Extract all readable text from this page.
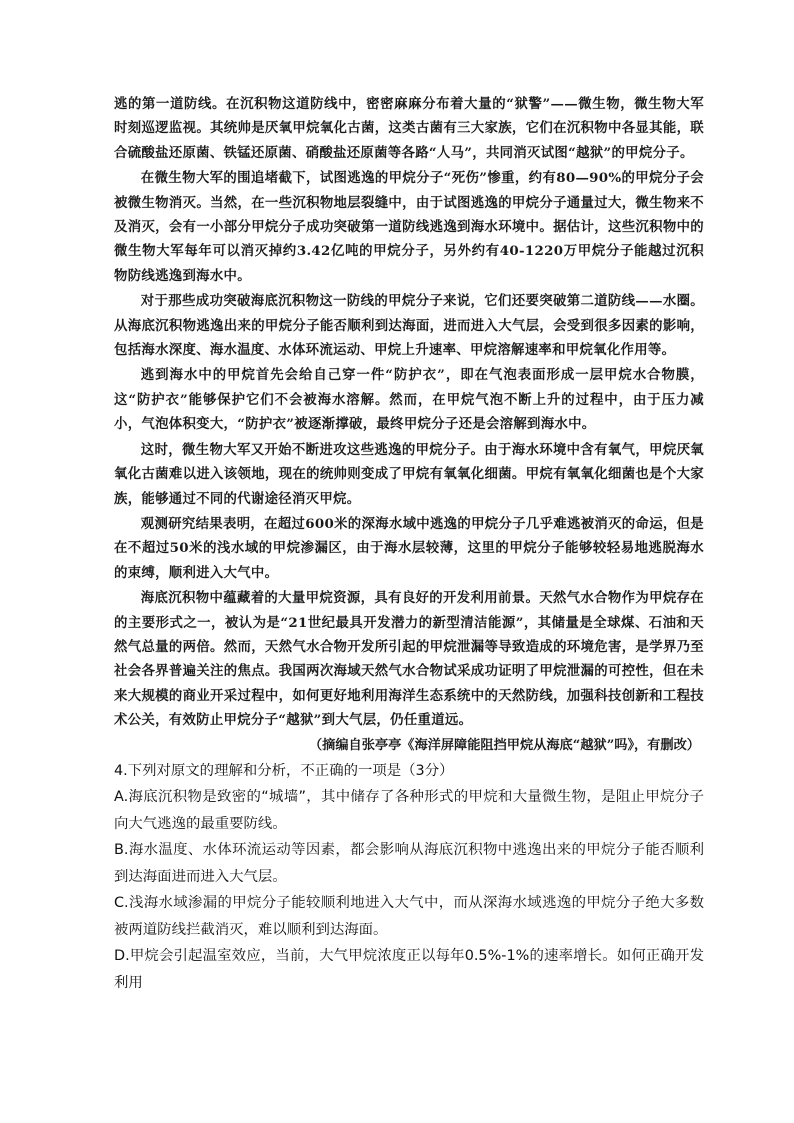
逃的第一道防线。在沉积物这道防线中，密密麻麻分布着大量的“狱警”——微生物，微生物大军时刻巡逻监视。其统帅是厌氧甲烷氧化古菌，这类古菌有三大家族，它们在沉积物中各显其能，联合硫酸盐还原菌、铁锰还原菌、硝酸盐还原菌等各路“人马”，共同消灭试图“越狱”的甲烷分子。

在微生物大军的围追堵截下，试图逃逸的甲烷分子“死伤”惨重，约有80—90%的甲烷分子会被微生物消灭。当然，在一些沉积物地层裂缝中，由于试图逃逸的甲烷分子通量过大，微生物来不及消灭，会有一小部分甲烷分子成功突破第一道防线逃逸到海水环境中。据估计，这些沉积物中的微生物大军每年可以消灭掉约3.42亿吨的甲烷分子，另外约有40-1220万甲烷分子能越过沉积物防线逃逸到海水中。

对于那些成功突破海底沉积物这一防线的甲烷分子来说，它们还要突破第二道防线——水圈。从海底沉积物逃逸出来的甲烷分子能否顺利到达海面，进而进入大气层，会受到很多因素的影响，包括海水深度、海水温度、水体环流运动、甲烷上升速率、甲烷溶解速率和甲烷氧化作用等。

逃到海水中的甲烷首先会给自己穿一件“防护衣”，即在气泡表面形成一层甲烷水合物膜，这“防护衣”能够保护它们不会被海水溶解。然而，在甲烷气泡不断上升的过程中，由于压力减小，气泡体积变大，“防护衣”被逐渐撑破，最终甲烷分子还是会溶解到海水中。

这时，微生物大军又开始不断进攻这些逃逸的甲烷分子。由于海水环境中含有氧气，甲烷厌氧氧化古菌难以进入该领地，现在的统帅则变成了甲烷有氧氧化细菌。甲烷有氧氧化细菌也是个大家族，能够通过不同的代谢途径消灭甲烷。

观测研究结果表明，在超过600米的深海水域中逃逸的甲烷分子几乎难逃被消灭的命运，但是在不超过50米的浅水域的甲烷渗漏区，由于海水层较薄，这里的甲烷分子能够较轻易地逃脱海水的束缚，顺利进入大气中。

海底沉积物中蕴藏着的大量甲烷资源，具有良好的开发利用前景。天然气水合物作为甲烷存在的主要形式之一，被认为是“21世纪最具开发潜力的新型清洁能源”，其储量是全球煤、石油和天然气总量的两倍。然而，天然气水合物开发所引起的甲烷泄漏等导致造成的环境危害，是学界乃至社会各界普遍关注的焦点。我国两次海域天然气水合物试采成功证明了甲烷泄漏的可控性，但在未来大规模的商业开采过程中，如何更好地利用海洋生态系统中的天然防线，加强科技创新和工程技术公关，有效防止甲烷分子“越狱”到大气层，仍任重道远。

（摘编自张亭亭《海洋屏障能阻挡甲烷从海底“越狱”吗》，有删改）

4.下列对原文的理解和分析，不正确的一项是（3分）

A.海底沉积物是致密的“城墙”，其中储存了各种形式的甲烷和大量微生物，是阻止甲烷分子向大气逃逸的最重要防线。

B.海水温度、水体环流运动等因素，都会影响从海底沉积物中逃逸出来的甲烷分子能否顺利到达海面进而进入大气层。

C.浅海水域渗漏的甲烷分子能较顺利地进入大气中，而从深海水域逃逸的甲烷分子绝大多数被两道防线拦截消灭，难以顺利到达海面。

D.甲烷会引起温室效应，当前，大气甲烷浓度正以每年0.5%-1%的速率增长。如何正确开发利用
